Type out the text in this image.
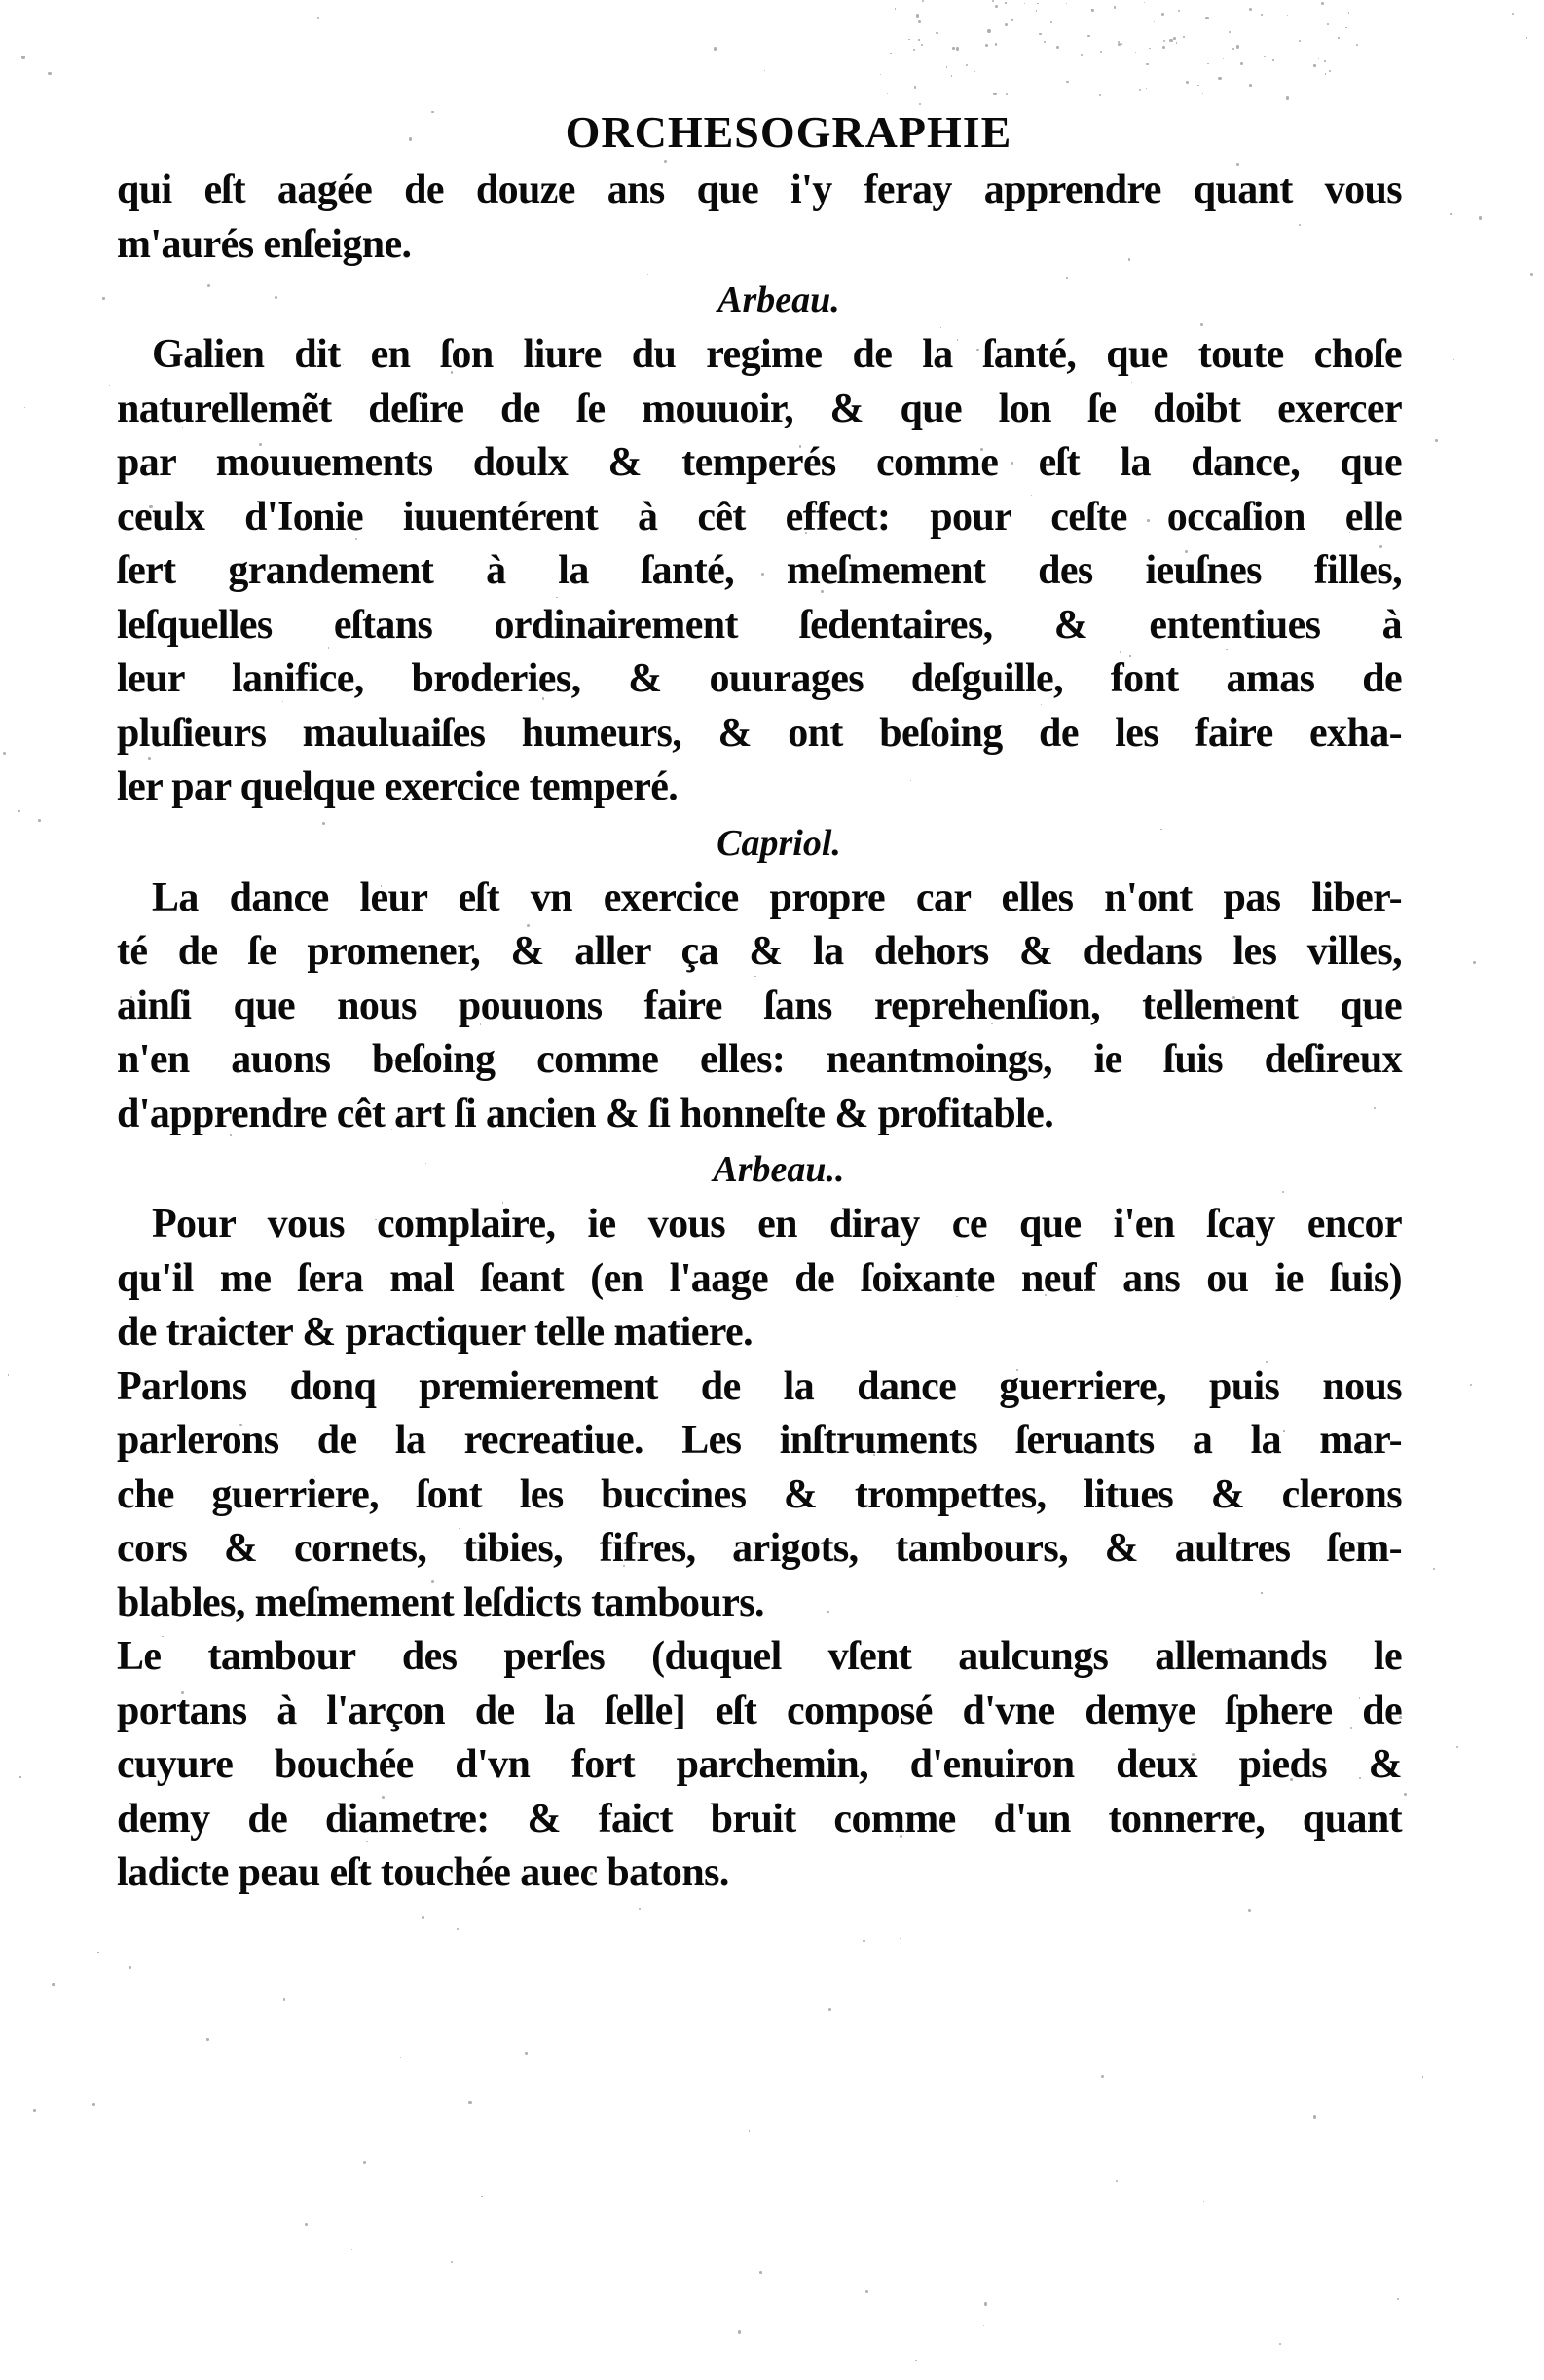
ORCHESOGRAPHIE
qui eſt aagée de douze ans que i'y feray apprendre quant vous
m'aurés enſeigne.
Arbeau.
Galien dit en ſon liure du regime de la ſanté, que toute choſe
naturellemẽt deſire de ſe mouuoir, & que lon ſe doibt exercer
par mouuements doulx & temperés comme eſt la dance, que
ceulx d'Ionie iuuentérent à cêt effect: pour ceſte occaſion elle
ſert grandement à la ſanté, meſmement des ieuſnes filles,
leſquelles eſtans ordinairement ſedentaires, & ententiues à
leur lanifice, broderies, & ouurages deſguille, font amas de
pluſieurs mauluaiſes humeurs, & ont beſoing de les faire exha-
ler par quelque exercice temperé.
Capriol.
La dance leur eſt vn exercice propre car elles n'ont pas liber-
té de ſe promener, & aller ça & la dehors & dedans les villes,
ainſi que nous pouuons faire ſans reprehenſion, tellement que
n'en auons beſoing comme elles: neantmoings, ie ſuis deſireux
d'apprendre cêt art ſi ancien & ſi honneſte & profitable.
Arbeau..
Pour vous complaire, ie vous en diray ce que i'en ſcay encor
qu'il me ſera mal ſeant (en l'aage de ſoixante neuf ans ou ie ſuis)
de traicter & practiquer telle matiere.
Parlons donq premierement de la dance guerriere, puis nous
parlerons de la recreatiue. Les inſtruments ſeruants a la mar-
che guerriere, ſont les buccines & trompettes, litues & clerons
cors & cornets, tibies, fifres, arigots, tambours, & aultres ſem-
blables, meſmement leſdicts tambours.
Le tambour des perſes (duquel vſent aulcungs allemands le
portans à l'arçon de la ſelle] eſt composé d'vne demye ſphere de
cuyure bouchée d'vn fort parchemin, d'enuiron deux pieds &
demy de diametre: & faict bruit comme d'un tonnerre, quant
ladicte peau eſt touchée auec batons.
